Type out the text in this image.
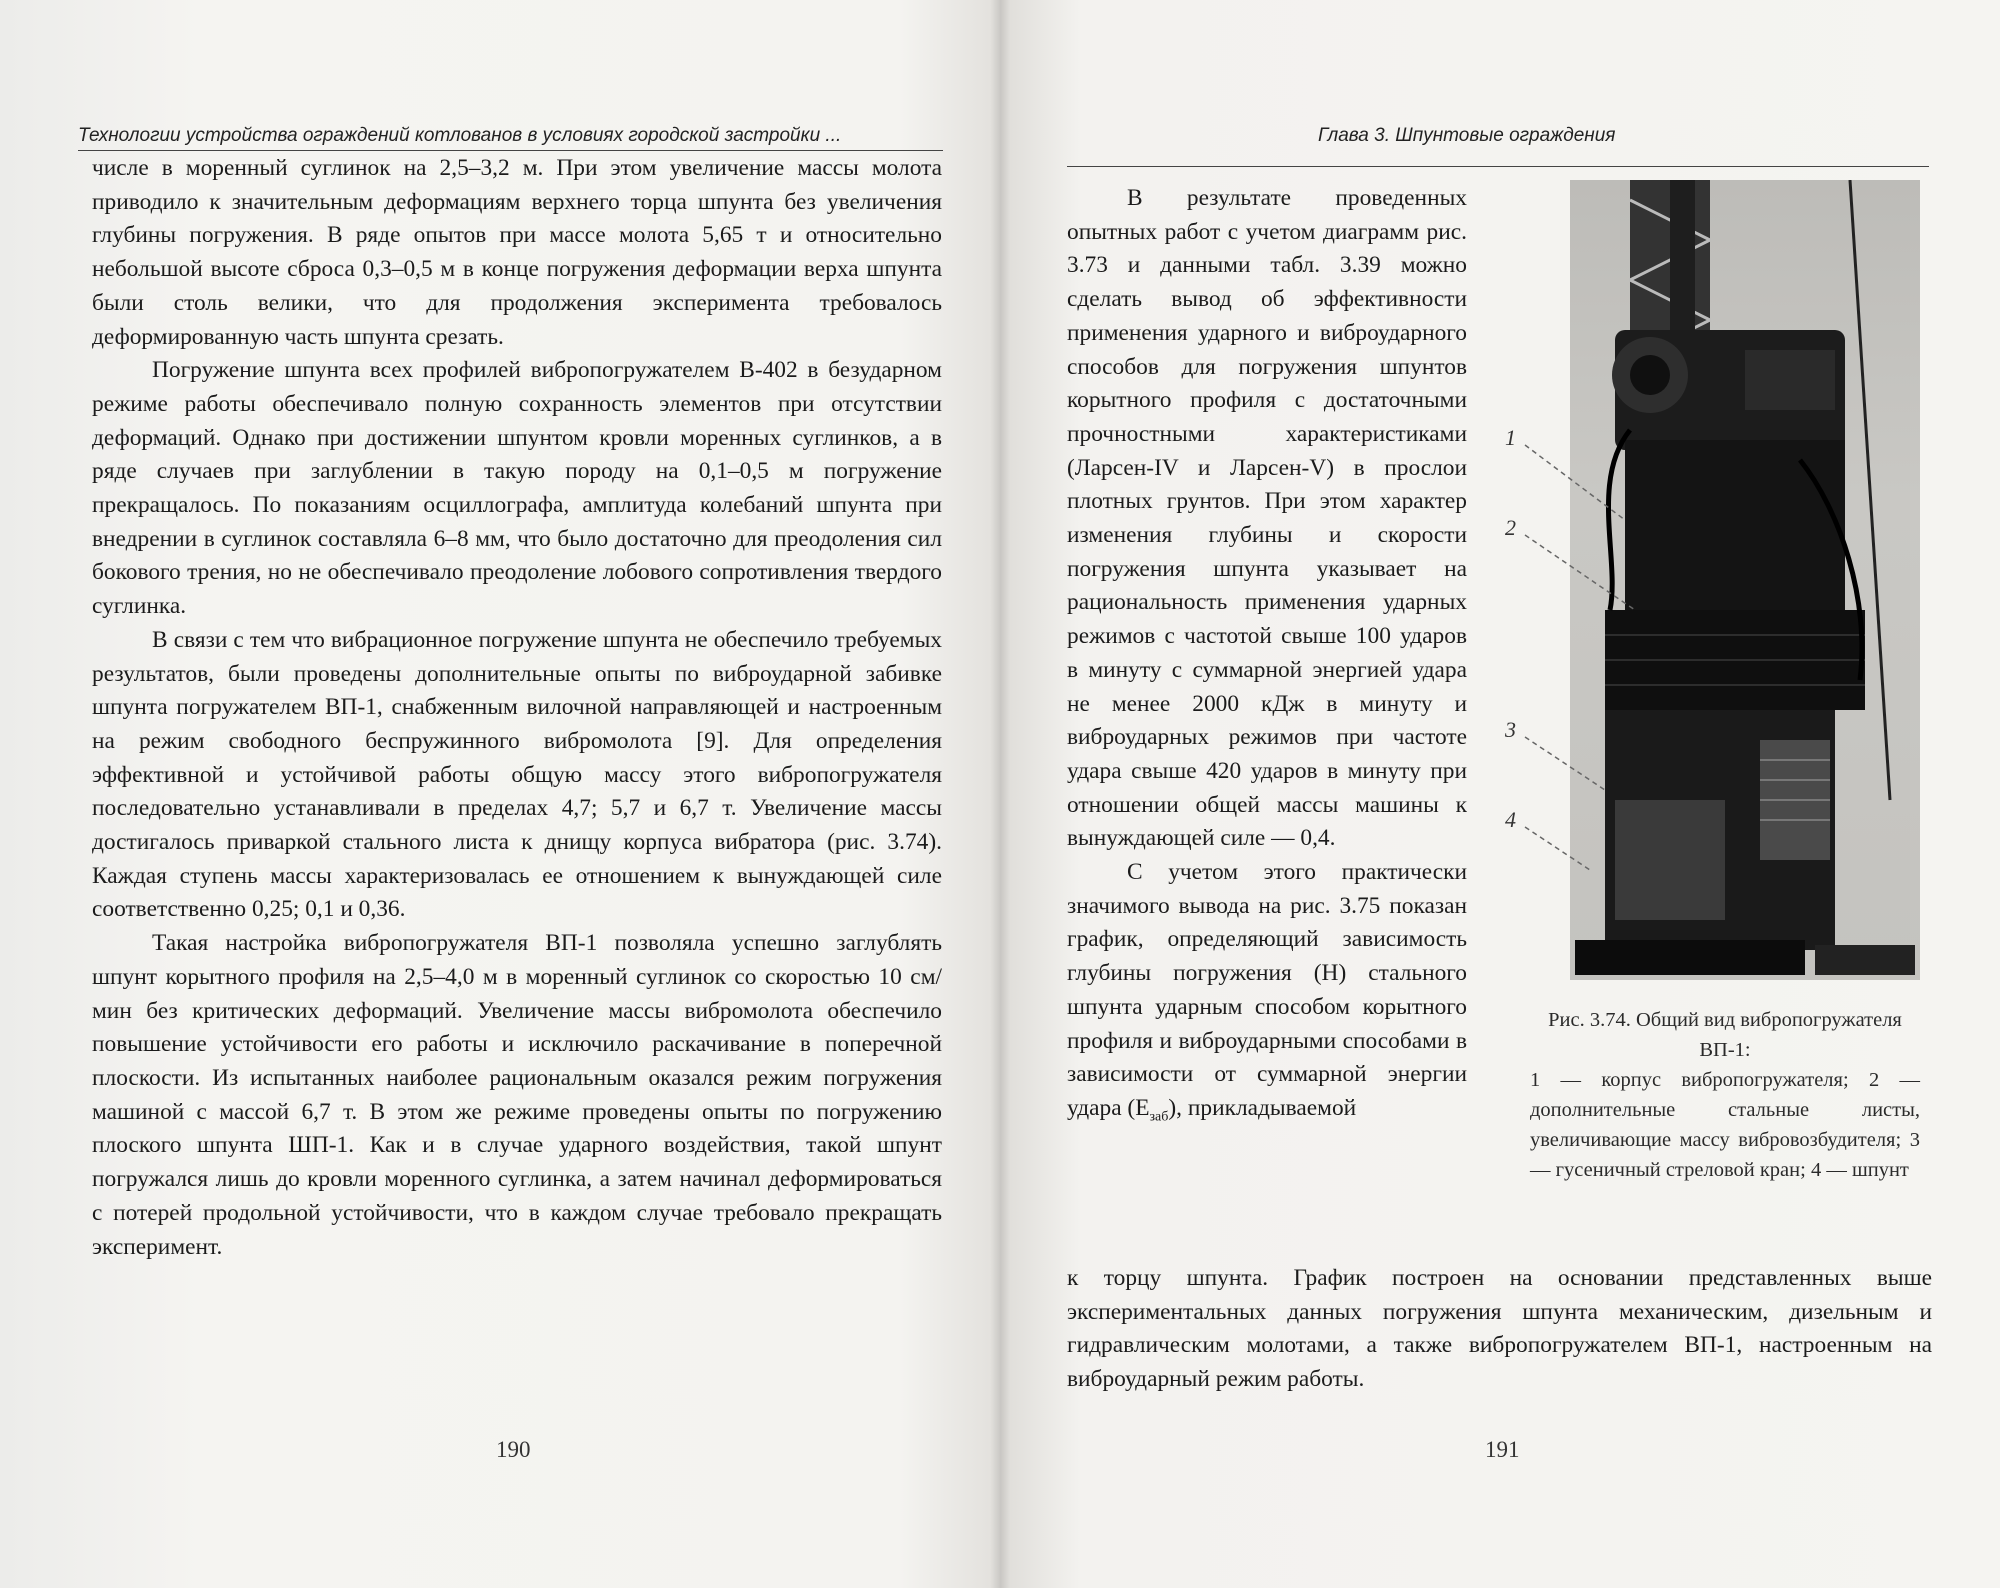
Технологии устройства ограждений котлованов в условиях городской застройки ...

числе в моренный суглинок на 2,5–3,2 м. При этом увеличение массы молота приводило к значительным деформациям верхнего торца шпунта без увеличения глубины погружения. В ряде опытов при массе молота 5,65 т и относительно небольшой высоте сброса 0,3–0,5 м в конце погружения деформации верха шпунта были столь велики, что для продолжения эксперимента требовалось деформированную часть шпунта срезать.

Погружение шпунта всех профилей вибропогружателем В-402 в безударном режиме работы обеспечивало полную сохранность элементов при отсутствии деформаций. Однако при достижении шпунтом кровли моренных суглинков, а в ряде случаев при заглублении в такую породу на 0,1–0,5 м погружение прекращалось. По показаниям осциллографа, амплитуда колебаний шпунта при внедрении в суглинок составляла 6–8 мм, что было достаточно для преодоления сил бокового трения, но не обеспечивало преодоление лобового сопротивления твердого суглинка.

В связи с тем что вибрационное погружение шпунта не обеспечило требуемых результатов, были проведены дополнительные опыты по виброударной забивке шпунта погружателем ВП-1, снабженным вилочной направляющей и настроенным на режим свободного беспружинного вибромолота [9]. Для определения эффективной и устойчивой работы общую массу этого вибропогружателя последовательно устанавливали в пределах 4,7; 5,7 и 6,7 т. Увеличение массы достигалось приваркой стального листа к днищу корпуса вибратора (рис. 3.74). Каждая ступень массы характеризовалась ее отношением к вынуждающей силе соответственно 0,25; 0,1 и 0,36.

Такая настройка вибропогружателя ВП-1 позволяла успешно заглублять шпунт корытного профиля на 2,5–4,0 м в моренный суглинок со скоростью 10 см/мин без критических деформаций. Увеличение массы вибромолота обеспечило повышение устойчивости его работы и исключило раскачивание в поперечной плоскости. Из испытанных наиболее рациональным оказался режим погружения машиной с массой 6,7 т. В этом же режиме проведены опыты по погружению плоского шпунта ШП-1. Как и в случае ударного воздействия, такой шпунт погружался лишь до кровли моренного суглинка, а затем начинал деформироваться с потерей продольной устойчивости, что в каждом случае требовало прекращать эксперимент.

190
Глава 3. Шпунтовые ограждения

В результате проведенных опытных работ с учетом диаграмм рис. 3.73 и данными табл. 3.39 можно сделать вывод об эффективности применения ударного и виброударного способов для погружения шпунтов корытного профиля с достаточными прочностными характеристиками (Ларсен-IV и Ларсен-V) в прослои плотных грунтов. При этом характер изменения глубины и скорости погружения шпунта указывает на рациональность применения ударных режимов с частотой свыше 100 ударов в минуту с суммарной энергией удара не менее 2000 кДж в минуту и виброударных режимов при частоте удара свыше 420 ударов в минуту при отношении общей массы машины к вынуждающей силе — 0,4.

С учетом этого практически значимого вывода на рис. 3.75 показан график, определяющий зависимость глубины погружения (H) стального шпунта ударным способом корытного профиля и виброударными способами в зависимости от суммарной энергии удара $(E_{заб})$, прикладываемой

к торцу шпунта. График построен на основании представленных выше экспериментальных данных погружения шпунта механическим, дизельным и гидравлическим молотами, а также вибропогружателем ВП-1, настроенным на виброударный режим работы.

1
2
3
4
Рис. 3.74. Общий вид вибропогружателя ВП-1:
1 — корпус вибропогружателя; 2 — дополнительные стальные листы, увеличивающие массу вибровозбудителя; 3 — гусеничный стреловой кран; 4 — шпунт
191
